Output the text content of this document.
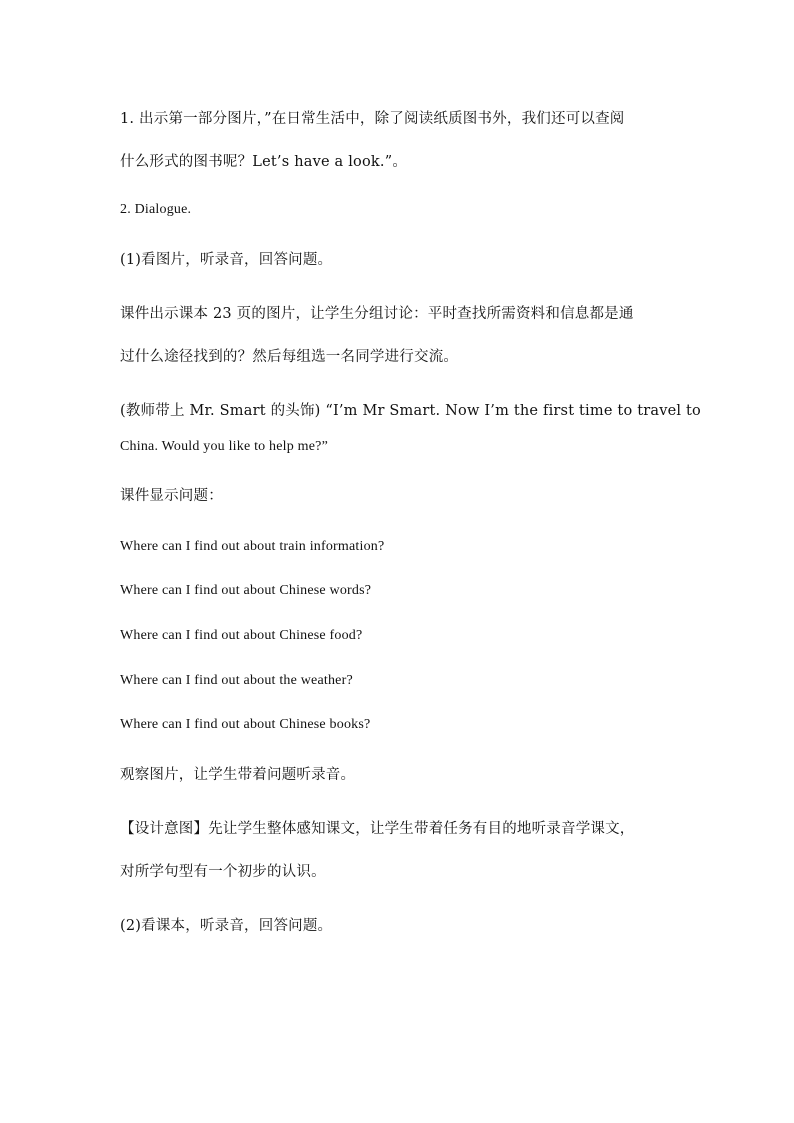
1. 出示第一部分图片，”在日常生活中，除了阅读纸质图书外，我们还可以查阅
什么形式的图书呢？Let’s have a look.”。
2. Dialogue.
(1)看图片，听录音，回答问题。
课件出示课本 23 页的图片，让学生分组讨论：平时查找所需资料和信息都是通
过什么途径找到的？然后每组选一名同学进行交流。
(教师带上 Mr. Smart 的头饰) “I’m Mr Smart. Now I’m the first time to travel to
China. Would you like to help me?”
课件显示问题：
Where can I find out about train information?
Where can I find out about Chinese words?
Where can I find out about Chinese food?
Where can I find out about the weather?
Where can I find out about Chinese books?
观察图片，让学生带着问题听录音。
【设计意图】先让学生整体感知课文，让学生带着任务有目的地听录音学课文，
对所学句型有一个初步的认识。
(2)看课本，听录音，回答问题。
